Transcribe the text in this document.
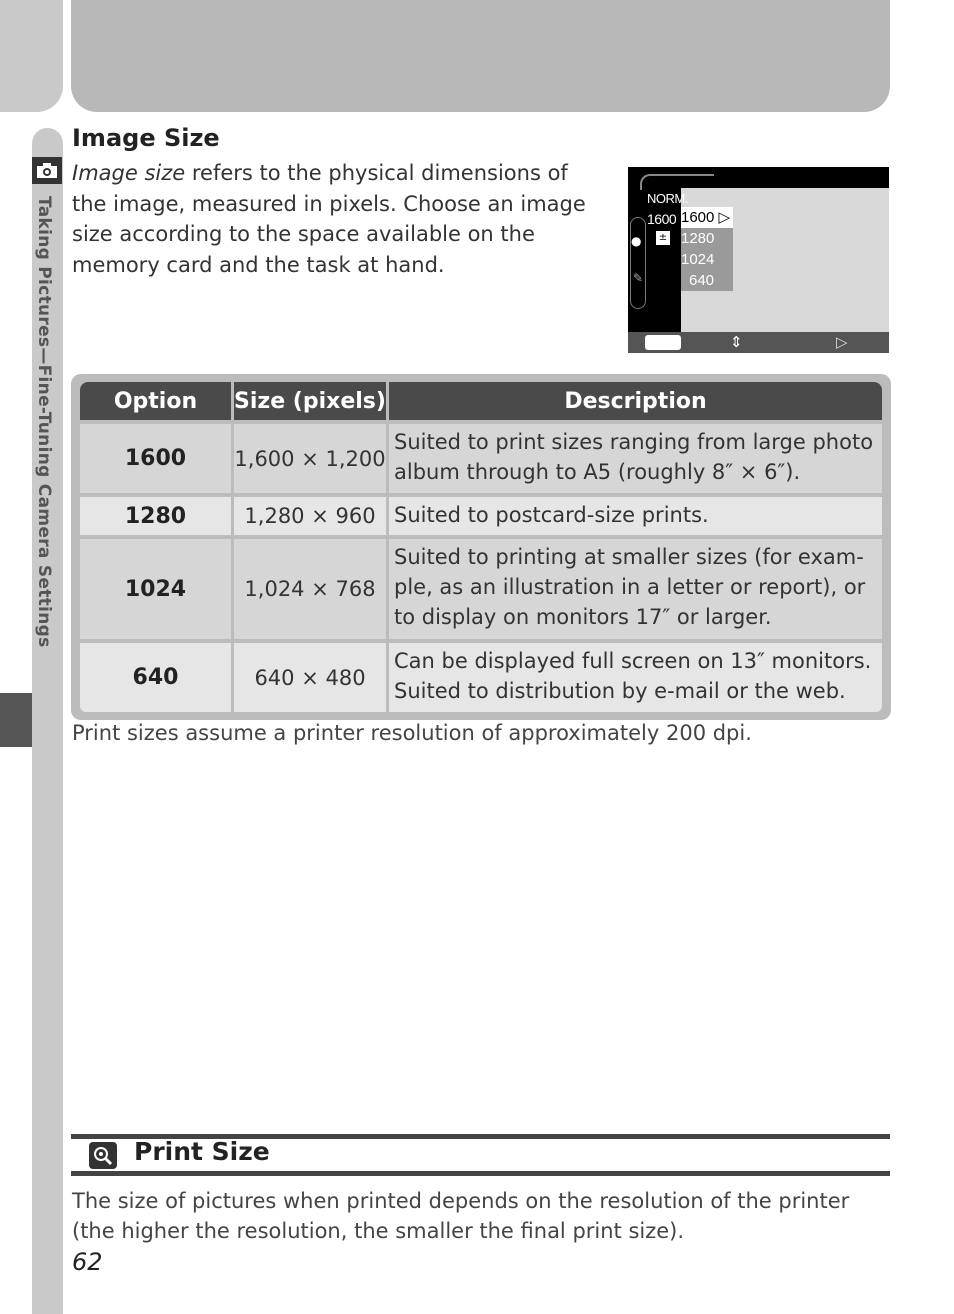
Taking Pictures—Fine-Tuning Camera Settings
Image Size

Image size refers to the physical dimensions of the image, measured in pixels. Choose an image size according to the space available on the memory card and the task at hand.

NORM.
1600
●
✎
±
1600 ▷
1280
1024
640
⇕	▷
Option	Size (pixels)	Description
1600	1,600 × 1,200
Suited to print sizes ranging from large photo album through to A5 (roughly 8″ × 6″).
1280	1,280 × 960 Suited to postcard-size prints.
1024	1,024 × 768
Suited to printing at smaller sizes (for exam-ple, as an illustration in a letter or report), or to display on monitors 17″ or larger.
640	640 × 480
Can be displayed full screen on 13″ monitors. Suited to distribution by e-mail or the web.

Print sizes assume a printer resolution of approximately 200 dpi.

Print Size

The size of pictures when printed depends on the resolution of the printer (the higher the resolution, the smaller the final print size).

62
